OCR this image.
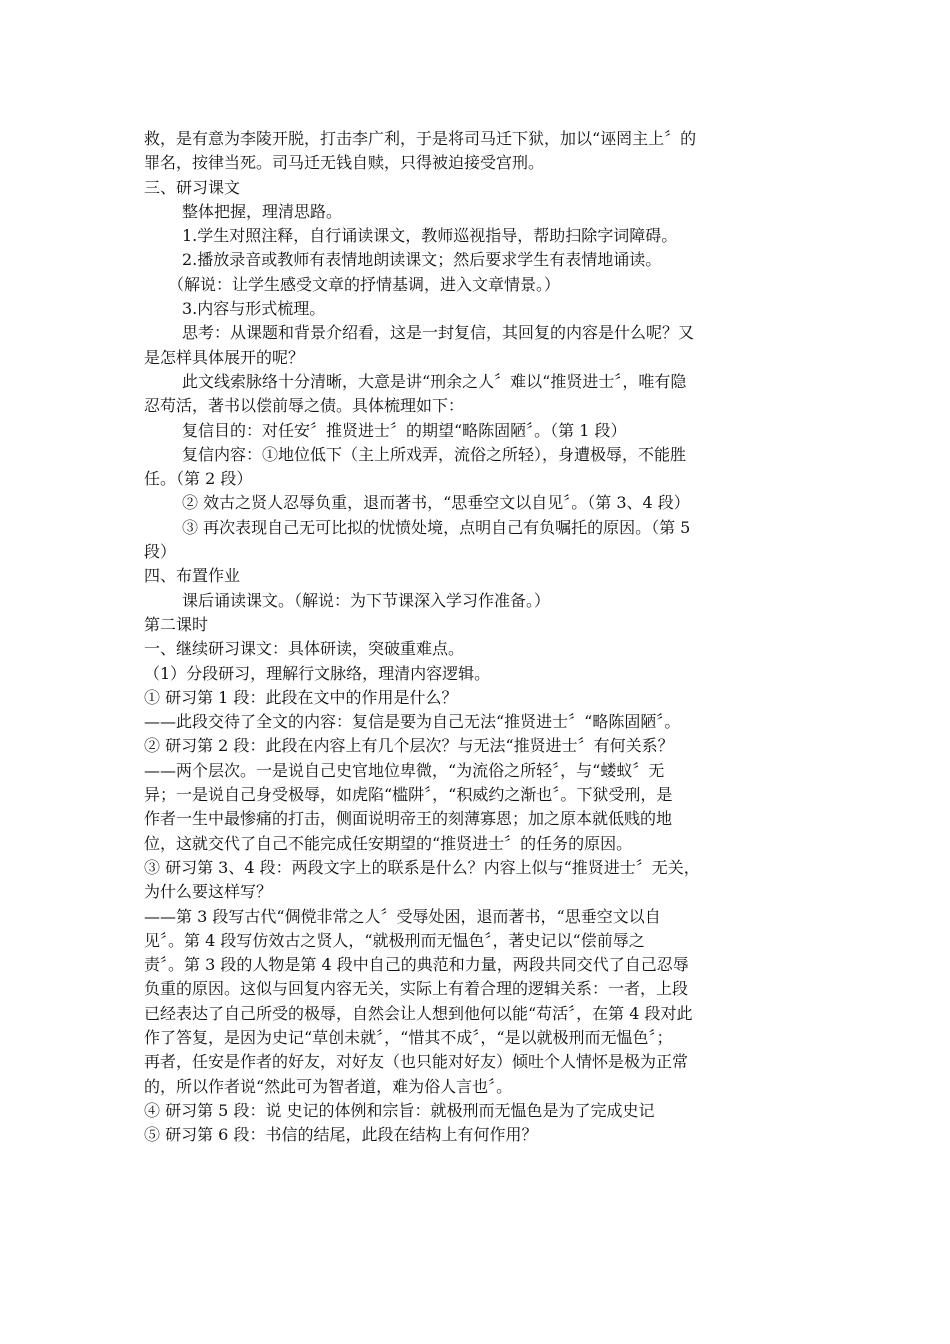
救，是有意为李陵开脱，打击李广利，于是将司马迁下狱，加以“诬罔主上〞的
罪名，按律当死。司马迁无钱自赎，只得被迫接受宫刑。
三、研习课文
整体把握，理清思路。
1.学生对照注释，自行诵读课文，教师巡视指导，帮助扫除字词障碍。
2.播放录音或教师有表情地朗读课文；然后要求学生有表情地诵读。
（解说：让学生感受文章的抒情基调，进入文章情景。）
3.内容与形式梳理。
思考：从课题和背景介绍看，这是一封复信，其回复的内容是什么呢？又
是怎样具体展开的呢？
此文线索脉络十分清晰，大意是讲“刑余之人〞难以“推贤进士〞，唯有隐
忍苟活，著书以偿前辱之债。具体梳理如下：
复信目的：对任安〞推贤进士〞的期望“略陈固陋〞。（第 1 段）
复信内容：①地位低下（主上所戏弄，流俗之所轻），身遭极辱，不能胜
任。（第 2 段）
② 效古之贤人忍辱负重，退而著书，“思垂空文以自见〞。（第 3、4 段）
③ 再次表现自己无可比拟的忧愤处境，点明自己有负嘱托的原因。（第 5
段）
四、布置作业
课后诵读课文。（解说：为下节课深入学习作准备。）
第二课时
一、继续研习课文：具体研读，突破重难点。
（1）分段研习，理解行文脉络，理清内容逻辑。
① 研习第 1 段：此段在文中的作用是什么？
——此段交待了全文的内容：复信是要为自己无法“推贤进士〞“略陈固陋〞。
② 研习第 2 段：此段在内容上有几个层次？与无法“推贤进士〞有何关系？
——两个层次。一是说自己史官地位卑微，“为流俗之所轻〞，与“蝼蚁〞无
异；一是说自己身受极辱，如虎陷“槛阱〞，“积威约之渐也〞。下狱受刑，是
作者一生中最惨痛的打击，侧面说明帝王的刻薄寡恩；加之原本就低贱的地
位，这就交代了自己不能完成任安期望的“推贤进士〞的任务的原因。
③ 研习第 3、4 段：两段文字上的联系是什么？内容上似与“推贤进士〞无关，
为什么要这样写？
——第 3 段写古代“倜傥非常之人〞受辱处困，退而著书，“思垂空文以自
见〞。第 4 段写仿效古之贤人，“就极刑而无愠色〞，著史记以“偿前辱之
责〞。第 3 段的人物是第 4 段中自己的典范和力量，两段共同交代了自己忍辱
负重的原因。这似与回复内容无关，实际上有着合理的逻辑关系：一者，上段
已经表达了自己所受的极辱，自然会让人想到他何以能“苟活〞，在第 4 段对此
作了答复，是因为史记“草创未就〞，“惜其不成〞，“是以就极刑而无愠色〞；
再者，任安是作者的好友，对好友（也只能对好友）倾吐个人情怀是极为正常
的，所以作者说“然此可为智者道，难为俗人言也〞。
④ 研习第 5 段：说 史记的体例和宗旨：就极刑而无愠色是为了完成史记
⑤ 研习第 6 段：书信的结尾，此段在结构上有何作用？
